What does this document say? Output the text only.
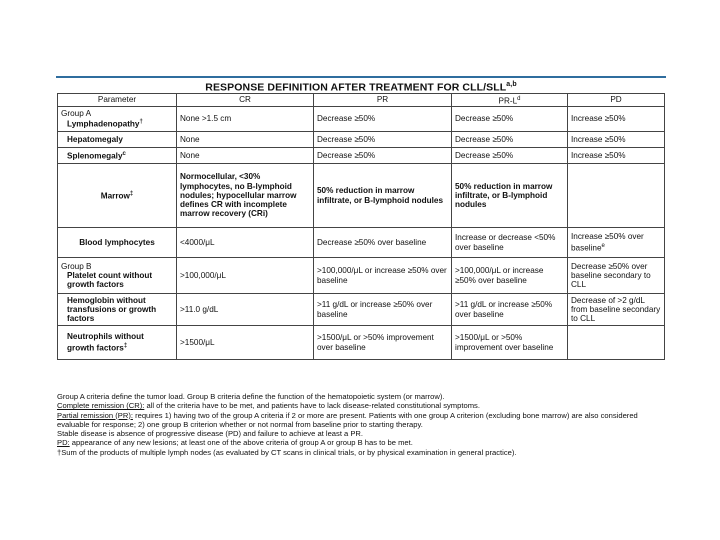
RESPONSE DEFINITION AFTER TREATMENT FOR CLL/SLL$^{a,b}$
Parameter	CR	PR	$PR-L^d$	PD

Group A
Lymphadenopathy†	None >1.5 cm	Decrease ≥50%	Decrease ≥50%	Increase ≥50%

Hepatomegaly	None	Decrease ≥50%	Decrease ≥50%	Increase ≥50%

Splenomegaly$^c$	None	Decrease ≥50%	Decrease ≥50%	Increase ≥50%
Marrow‡	Normocellular, <30% lymphocytes, no B-lymphoid nodules; hypocellular marrow defines CR with incomplete marrow recovery (CRi)	50% reduction in marrow infiltrate, or B-lymphoid nodules	50% reduction in marrow infiltrate, or B-lymphoid nodules	
Blood lymphocytes	<4000/μL	Decrease ≥50% over baseline	Increase or decrease <50% over baseline	Increase ≥50% over baseline$^e$

Group B
Platelet count without growth factors	>100,000/μL	>100,000/μL or increase ≥50% over baseline	>100,000/μL or increase ≥50% over baseline	Decrease ≥50% over baseline secondary to CLL

Hemoglobin without transfusions or growth factors	>11.0 g/dL	>11 g/dL or increase ≥50% over baseline	>11 g/dL or increase ≥50% over baseline	Decrease of >2 g/dL from baseline secondary to CLL

Neutrophils without growth factors‡	>1500/μL	>1500/μL or >50% improvement over baseline	>1500/μL or >50% improvement over baseline	
Group A criteria define the tumor load. Group B criteria define the function of the hematopoietic system (or marrow).
Complete remission (CR): all of the criteria have to be met, and patients have to lack disease-related constitutional symptoms.
Partial remission (PR): requires 1) having two of the group A criteria if 2 or more are present. Patients with one group A criterion (excluding bone marrow) are also considered
evaluable for response; 2) one group B criterion whether or not normal from baseline prior to starting therapy.
Stable disease is absence of progressive disease (PD) and failure to achieve at least a PR.
PD: appearance of any new lesions; at least one of the above criteria of group A or group B has to be met.
†Sum of the products of multiple lymph nodes (as evaluated by CT scans in clinical trials, or by physical examination in general practice).
